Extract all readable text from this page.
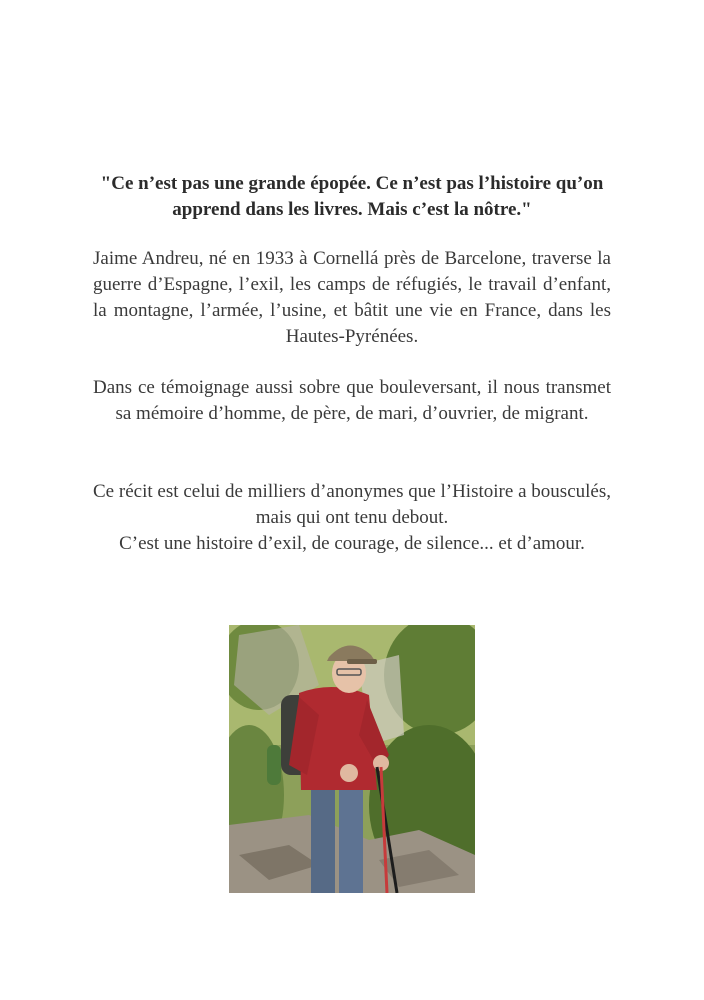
"Ce n’est pas une grande épopée. Ce n’est pas l’histoire qu’on apprend dans les livres. Mais c’est la nôtre."
Jaime Andreu, né en 1933 à Cornellá près de Barcelone, traverse la guerre d’Espagne, l’exil, les camps de réfugiés, le travail d’enfant, la montagne, l’armée, l’usine, et bâtit une vie en France, dans les Hautes-Pyrénées.
Dans ce témoignage aussi sobre que bouleversant, il nous transmet sa mémoire d’homme, de père, de mari, d’ouvrier, de migrant.
Ce récit est celui de milliers d’anonymes que l’Histoire a bousculés, mais qui ont tenu debout.
C’est une histoire d’exil, de courage, de silence... et d’amour.
